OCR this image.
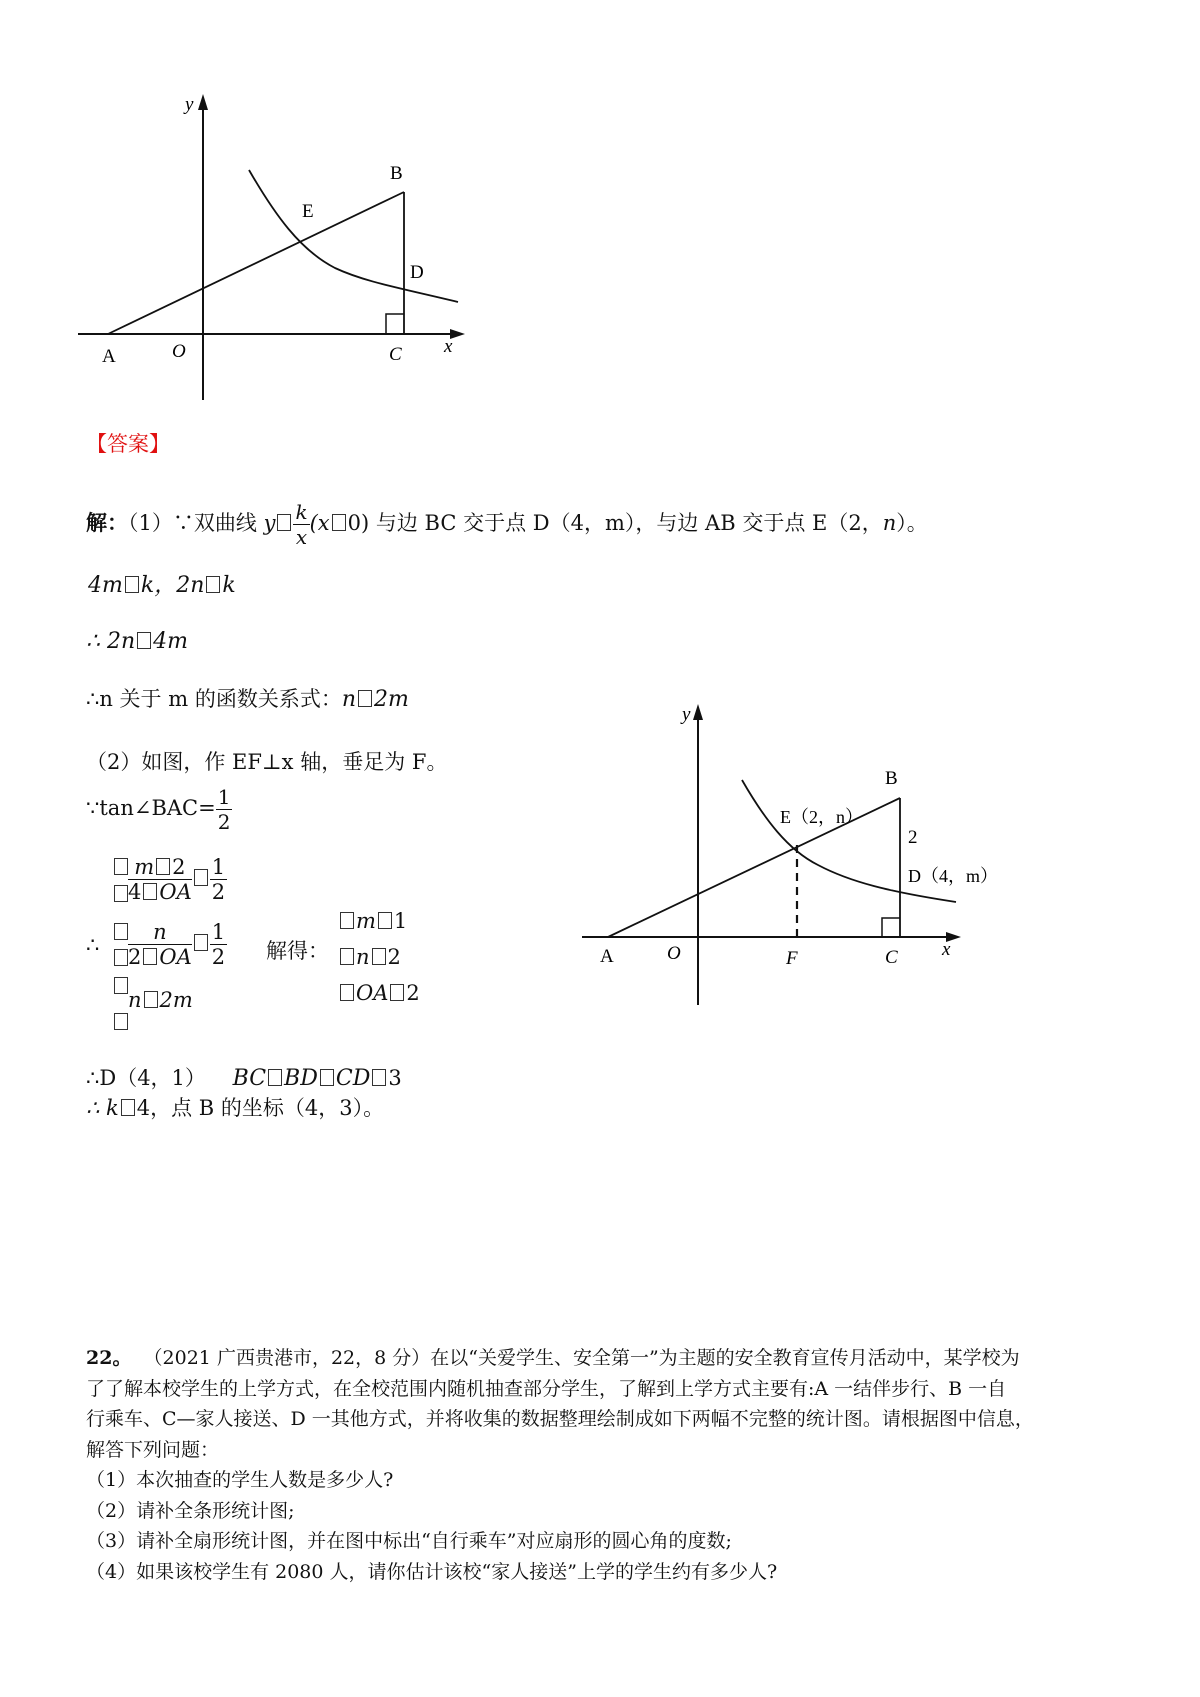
y
x
A	O	C
B
E
D
【答案】
解：（1）∵双曲线 y $\frac{k}{x} (x$ 0) 与边 BC 交于点 D（4，m），与边 AB 交于点 E（2，n）。
4m k，2n k
∴ 2n 4m
∴n 关于 m 的函数关系式：n 2m
（2）如图，作 EF⊥x 轴，垂足为 F。
∵tan∠BAC= $\frac{1}{2}$
∴
$\frac{m 2}{4 OA} \frac{1}{2}$
$\frac{n}{2 OA} \frac{1}{2}$
n 2m
解得：
m 1
n 2
OA 2
∴D（4，1） BC BD CD 3
∴ k 4，点 B 的坐标（4，3）。
y
x
A	O	F	C
B
E（2，n）
2
D（4，m）

22。 （2021 广西贵港市，22，8 分）在以“关爱学生、安全第一”为主题的安全教育宣传月活动中，某学校为

了了解本校学生的上学方式，在全校范围内随机抽查部分学生，了解到上学方式主要有:A 一结伴步行、B 一自

行乘车、C—家人接送、D 一其他方式，并将收集的数据整理绘制成如下两幅不完整的统计图。请根据图中信息，

解答下列问题：

（1）本次抽查的学生人数是多少人?

（2）请补全条形统计图;

（3）请补全扇形统计图，并在图中标出“自行乘车”对应扇形的圆心角的度数;

（4）如果该校学生有 2080 人，请你估计该校“家人接送”上学的学生约有多少人?
